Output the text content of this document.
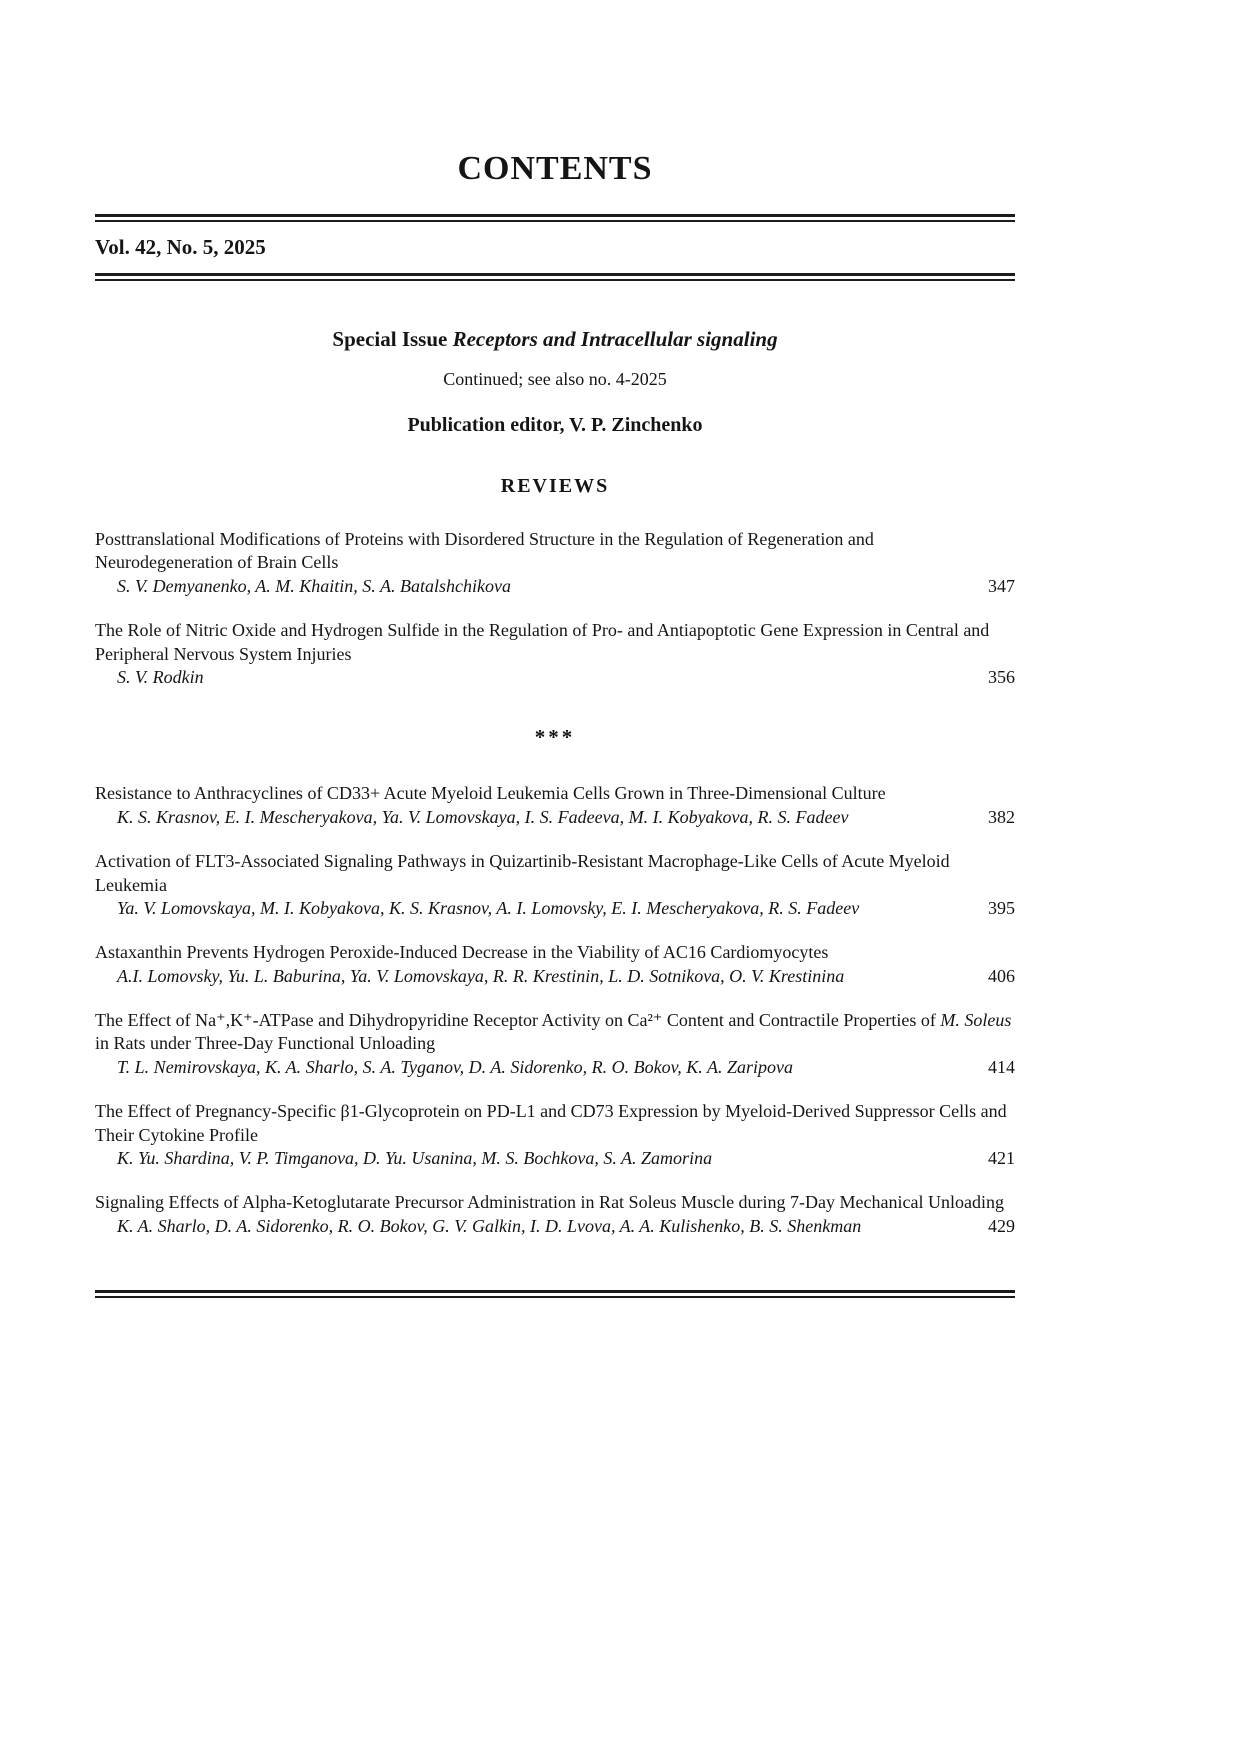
CONTENTS
Vol. 42, No. 5, 2025
Special Issue Receptors and Intracellular signaling
Continued; see also no. 4-2025
Publication editor, V. P. Zinchenko
REVIEWS
Posttranslational Modifications of Proteins with Disordered Structure in the Regulation of Regeneration and Neurodegeneration of Brain Cells
S. V. Demyanenko, A. M. Khaitin, S. A. Batalshchikova	347
The Role of Nitric Oxide and Hydrogen Sulfide in the Regulation of Pro- and Antiapoptotic Gene Expression in Central and Peripheral Nervous System Injuries
S. V. Rodkin	356
***
Resistance to Anthracyclines of CD33+ Acute Myeloid Leukemia Cells Grown in Three-Dimensional Culture
K. S. Krasnov, E. I. Mescheryakova, Ya. V. Lomovskaya, I. S. Fadeeva, M. I. Kobyakova, R. S. Fadeev	382
Activation of FLT3-Associated Signaling Pathways in Quizartinib-Resistant Macrophage-Like Cells of Acute Myeloid Leukemia
Ya. V. Lomovskaya, M. I. Kobyakova, K. S. Krasnov, A. I. Lomovsky, E. I. Mescheryakova, R. S. Fadeev	395
Astaxanthin Prevents Hydrogen Peroxide-Induced Decrease in the Viability of AC16 Cardiomyocytes
A.I. Lomovsky, Yu. L. Baburina, Ya. V. Lomovskaya, R. R. Krestinin, L. D. Sotnikova, O. V. Krestinina	406
The Effect of Na⁺,K⁺-ATPase and Dihydropyridine Receptor Activity on Ca²⁺ Content and Contractile Properties of M. Soleus in Rats under Three-Day Functional Unloading
T. L. Nemirovskaya, K. A. Sharlo, S. A. Tyganov, D. A. Sidorenko, R. O. Bokov, K. A. Zaripova	414
The Effect of Pregnancy-Specific β1-Glycoprotein on PD-L1 and CD73 Expression by Myeloid-Derived Suppressor Cells and Their Cytokine Profile
K. Yu. Shardina, V. P. Timganova, D. Yu. Usanina, M. S. Bochkova, S. A. Zamorina	421
Signaling Effects of Alpha-Ketoglutarate Precursor Administration in Rat Soleus Muscle during 7-Day Mechanical Unloading
K. A. Sharlo, D. A. Sidorenko, R. O. Bokov, G. V. Galkin, I. D. Lvova, A. A. Kulishenko, B. S. Shenkman	429
